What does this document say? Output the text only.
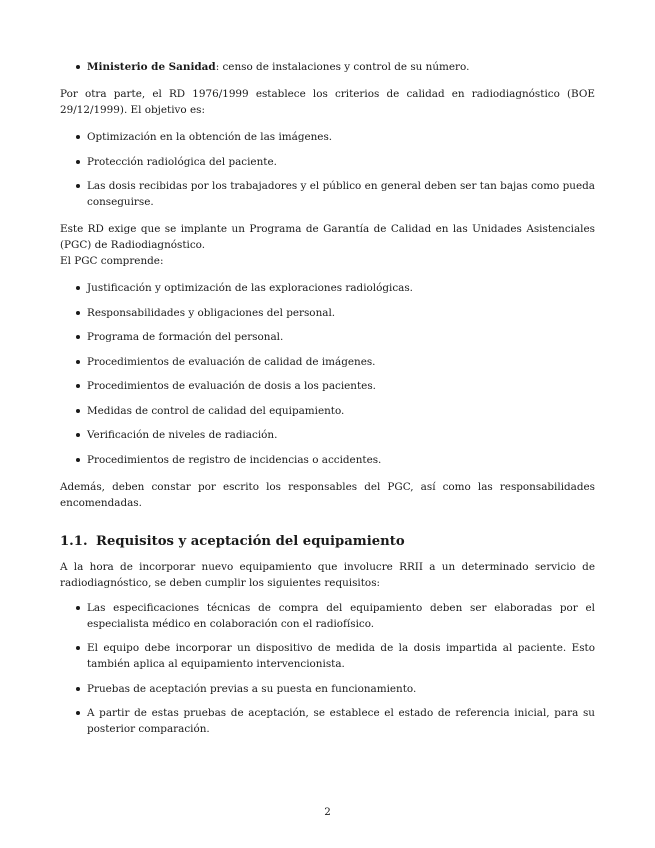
Ministerio de Sanidad: censo de instalaciones y control de su número.

Por otra parte, el RD 1976/1999 establece los criterios de calidad en radiodiagnóstico (BOE 29/12/1999). El objetivo es:

Optimización en la obtención de las imágenes.
Protección radiológica del paciente.
Las dosis recibidas por los trabajadores y el público en general deben ser tan bajas como pueda conseguirse.

Este RD exige que se implante un Programa de Garantía de Calidad en las Unidades Asistenciales (PGC) de Radiodiagnóstico.

El PGC comprende:

Justificación y optimización de las exploraciones radiológicas.
Responsabilidades y obligaciones del personal.
Programa de formación del personal.
Procedimientos de evaluación de calidad de imágenes.
Procedimientos de evaluación de dosis a los pacientes.
Medidas de control de calidad del equipamiento.
Verificación de niveles de radiación.
Procedimientos de registro de incidencias o accidentes.

Además, deben constar por escrito los responsables del PGC, así como las responsabilidades encomendadas.

1.1. Requisitos y aceptación del equipamiento

A la hora de incorporar nuevo equipamiento que involucre RRII a un determinado servicio de radiodiagnóstico, se deben cumplir los siguientes requisitos:

Las especificaciones técnicas de compra del equipamiento deben ser elaboradas por el especialista médico en colaboración con el radiofísico.
El equipo debe incorporar un dispositivo de medida de la dosis impartida al paciente. Esto también aplica al equipamiento intervencionista.
Pruebas de aceptación previas a su puesta en funcionamiento.
A partir de estas pruebas de aceptación, se establece el estado de referencia inicial, para su posterior comparación.
2
